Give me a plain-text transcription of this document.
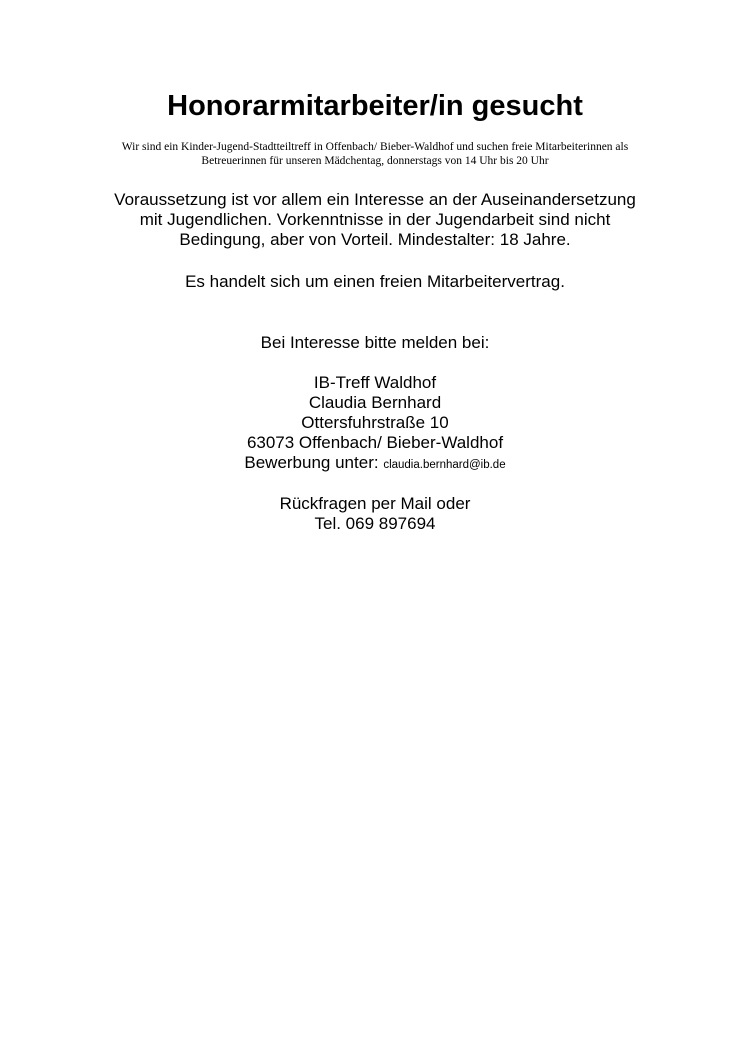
Honorarmitarbeiter/in gesucht

Wir sind ein Kinder-Jugend-Stadtteiltreff in Offenbach/ Bieber-Waldhof und suchen freie Mitarbeiterinnen als
Betreuerinnen für unseren Mädchentag, donnerstags von 14 Uhr bis 20 Uhr

Voraussetzung ist vor allem ein Interesse an der Auseinandersetzung
mit Jugendlichen. Vorkenntnisse in der Jugendarbeit sind nicht
Bedingung, aber von Vorteil. Mindestalter: 18 Jahre.

Es handelt sich um einen freien Mitarbeitervertrag.

Bei Interesse bitte melden bei:

IB-Treff Waldhof
Claudia Bernhard
Ottersfuhrstraße 10
63073 Offenbach/ Bieber-Waldhof
Bewerbung unter: claudia.bernhard@ib.de

Rückfragen per Mail oder
Tel. 069 897694
